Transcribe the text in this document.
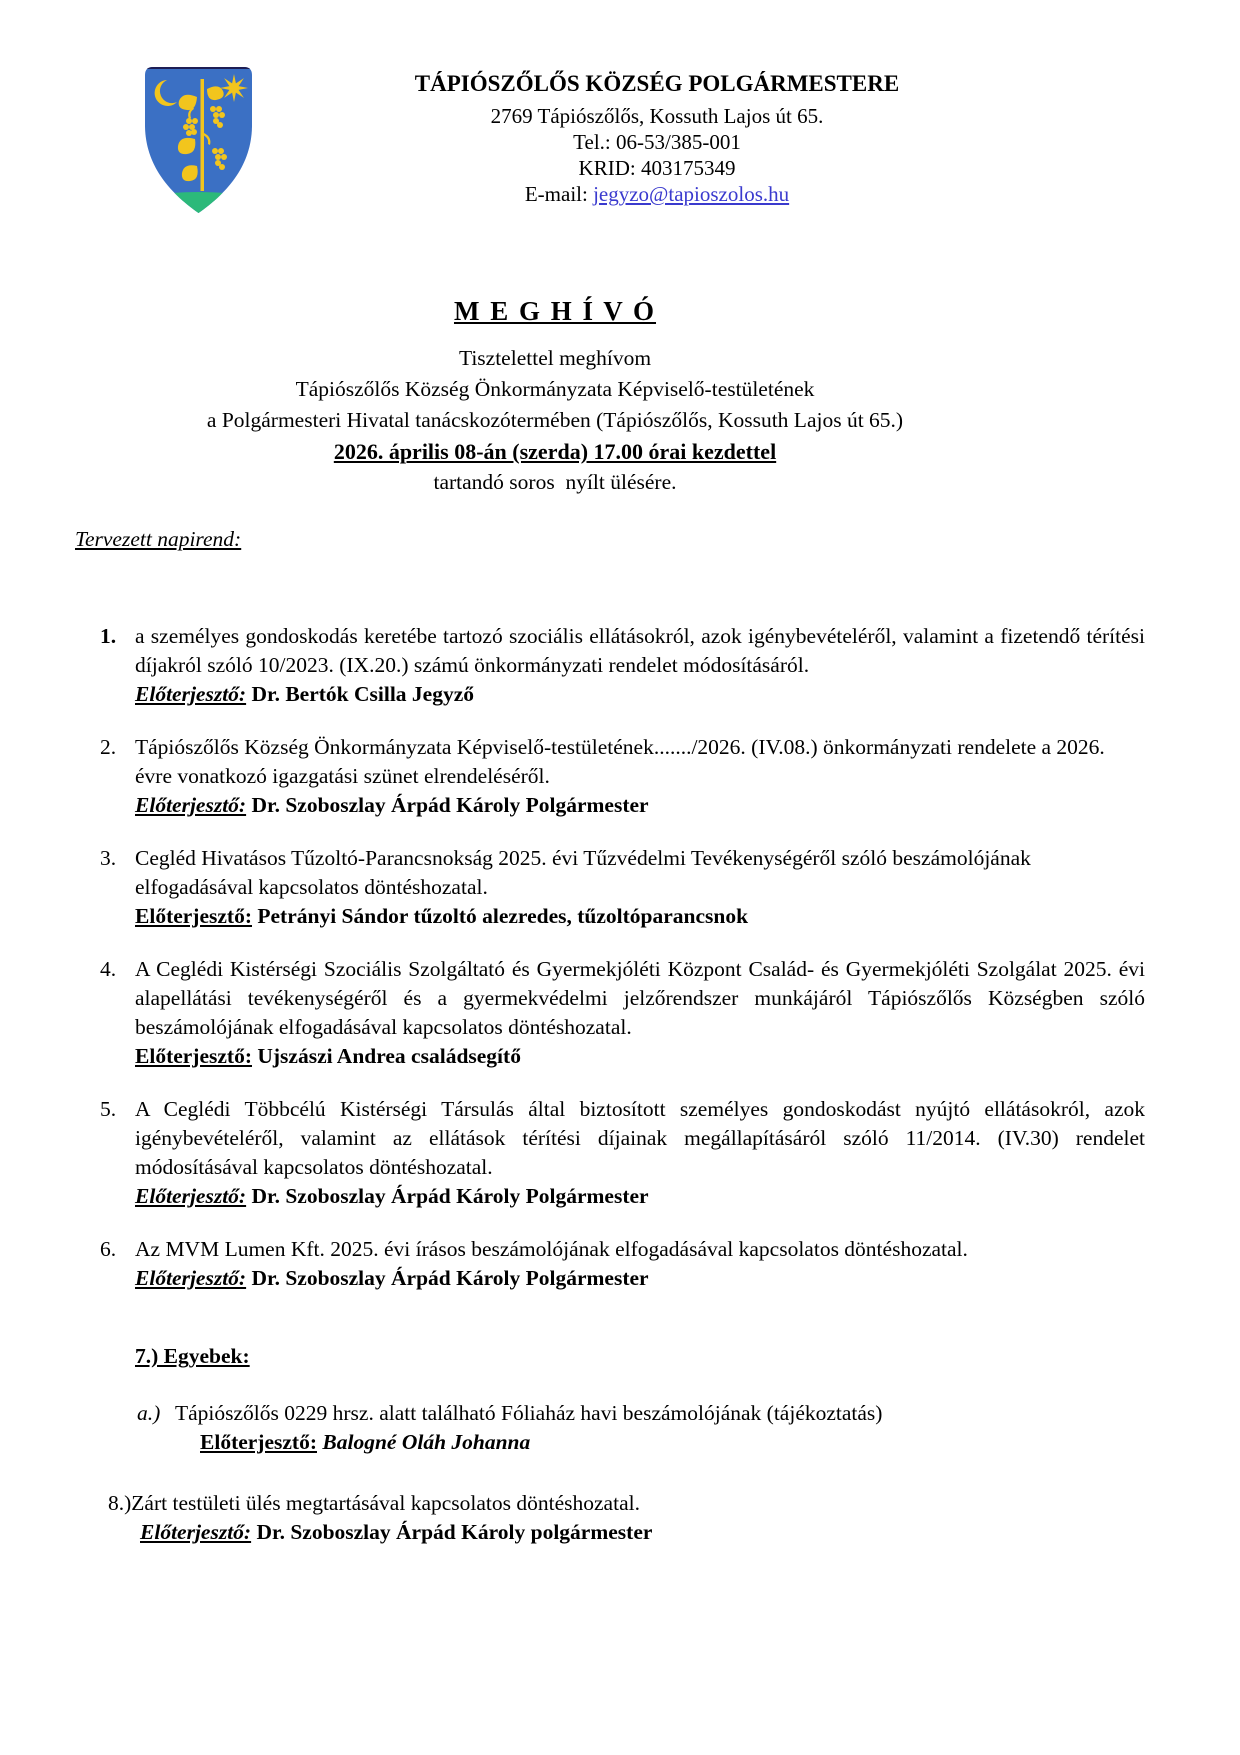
TÁPIÓSZŐLŐS KÖZSÉG POLGÁRMESTERE
2769 Tápiószőlős, Kossuth Lajos út 65.
Tel.: 06-53/385-001
KRID: 403175349
E-mail: jegyzo@tapioszolos.hu
M E G H Í V Ó
Tisztelettel meghívom
Tápiószőlős Község Önkormányzata Képviselő-testületének
a Polgármesteri Hivatal tanácskozótermében (Tápiószőlős, Kossuth Lajos út 65.)
2026. április 08-án (szerda) 17.00 órai kezdettel
tartandó soros  nyílt ülésére.
Tervezett napirend:
1. a személyes gondoskodás keretébe tartozó szociális ellátásokról, azok igénybevételéről, valamint a fizetendő térítési díjakról szóló 10/2023. (IX.20.) számú önkormányzati rendelet módosításáról.
Előterjesztő: Dr. Bertók Csilla Jegyző
2. Tápiószőlős Község Önkormányzata Képviselő-testületének......./2026. (IV.08.) önkormányzati rendelete a 2026. évre vonatkozó igazgatási szünet elrendeléséről.
Előterjesztő: Dr. Szoboszlay Árpád Károly Polgármester
3. Cegléd Hivatásos Tűzoltó-Parancsnokság 2025. évi Tűzvédelmi Tevékenységéről szóló beszámolójának elfogadásával kapcsolatos döntéshozatal.
Előterjesztő: Petrányi Sándor tűzoltó alezredes, tűzoltóparancsnok
4. A Ceglédi Kistérségi Szociális Szolgáltató és Gyermekjóléti Központ Család- és Gyermekjóléti Szolgálat 2025. évi alapellátási tevékenységéről és a gyermekvédelmi jelzőrendszer munkájáról Tápiószőlős Községben szóló beszámolójának elfogadásával kapcsolatos döntéshozatal.
Előterjesztő: Ujszászi Andrea családsegítő
5. A Ceglédi Többcélú Kistérségi Társulás által biztosított személyes gondoskodást nyújtó ellátásokról, azok igénybevételéről, valamint az ellátások térítési díjainak megállapításáról szóló 11/2014. (IV.30) rendelet módosításával kapcsolatos döntéshozatal.
Előterjesztő: Dr. Szoboszlay Árpád Károly Polgármester
6. Az MVM Lumen Kft. 2025. évi írásos beszámolójának elfogadásával kapcsolatos döntéshozatal.
Előterjesztő: Dr. Szoboszlay Árpád Károly Polgármester
7.) Egyebek:
a.) Tápiószőlős 0229 hrsz. alatt található Fóliaház havi beszámolójának (tájékoztatás)
Előterjesztő: Balogné Oláh Johanna
8.)Zárt testületi ülés megtartásával kapcsolatos döntéshozatal.
Előterjesztő: Dr. Szoboszlay Árpád Károly polgármester
